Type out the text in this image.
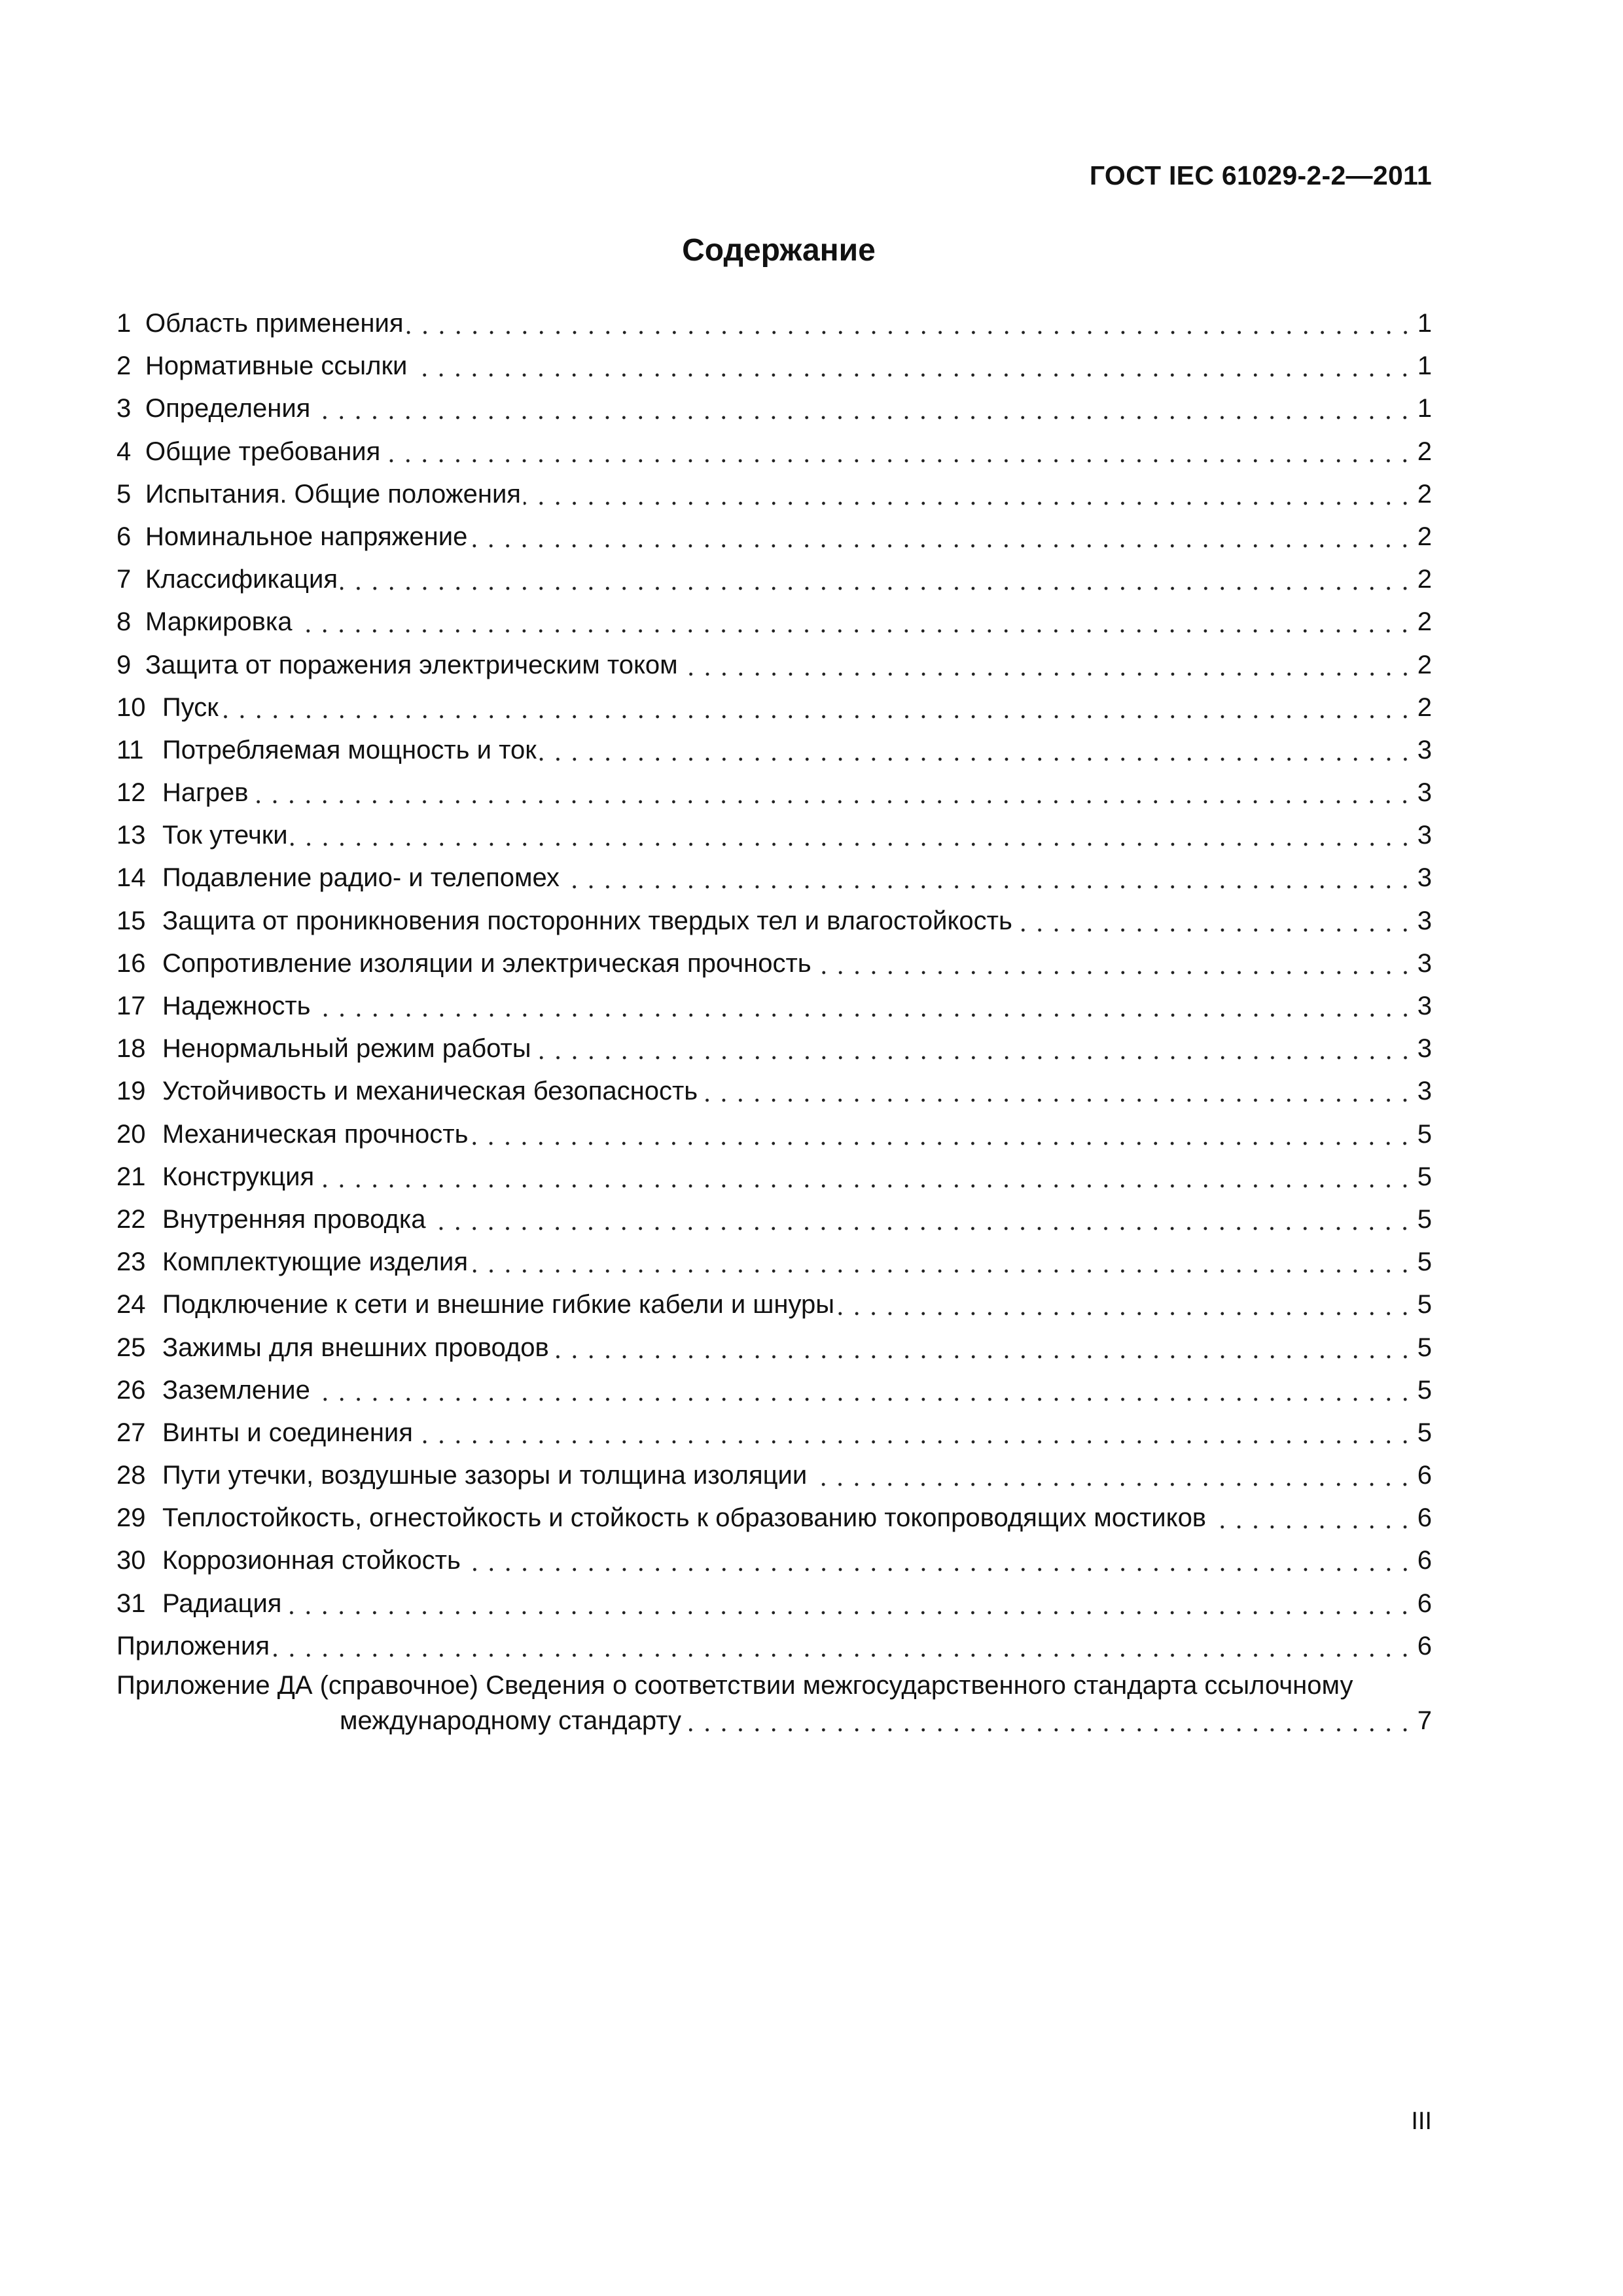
ГОСТ IEC 61029-2-2—2011
Содержание
1 Область применения	1
2 Нормативные ссылки	1
3 Определения	1
4 Общие требования	2
5 Испытания. Общие положения	2
6 Номинальное напряжение	2
7 Классификация	2
8 Маркировка	2
9 Защита от поражения электрическим током	2
10 Пуск	2
11 Потребляемая мощность и ток	3
12 Нагрев	3
13 Ток утечки	3
14 Подавление радио- и телепомех	3
15 Защита от проникновения посторонних твердых тел и влагостойкость	3
16 Сопротивление изоляции и электрическая прочность	3
17 Надежность	3
18 Ненормальный режим работы	3
19 Устойчивость и механическая безопасность	3
20 Механическая прочность	5
21 Конструкция	5
22 Внутренняя проводка	5
23 Комплектующие изделия	5
24 Подключение к сети и внешние гибкие кабели и шнуры	5
25 Зажимы для внешних проводов	5
26 Заземление	5
27 Винты и соединения	5
28 Пути утечки, воздушные зазоры и толщина изоляции	6
29 Теплостойкость, огнестойкость и стойкость к образованию токопроводящих мостиков	6
30 Коррозионная стойкость	6
31 Радиация	6
Приложения	6
Приложение ДА (справочное) Сведения о соответствии межгосударственного стандарта ссылочному
международному стандарту	7
III
